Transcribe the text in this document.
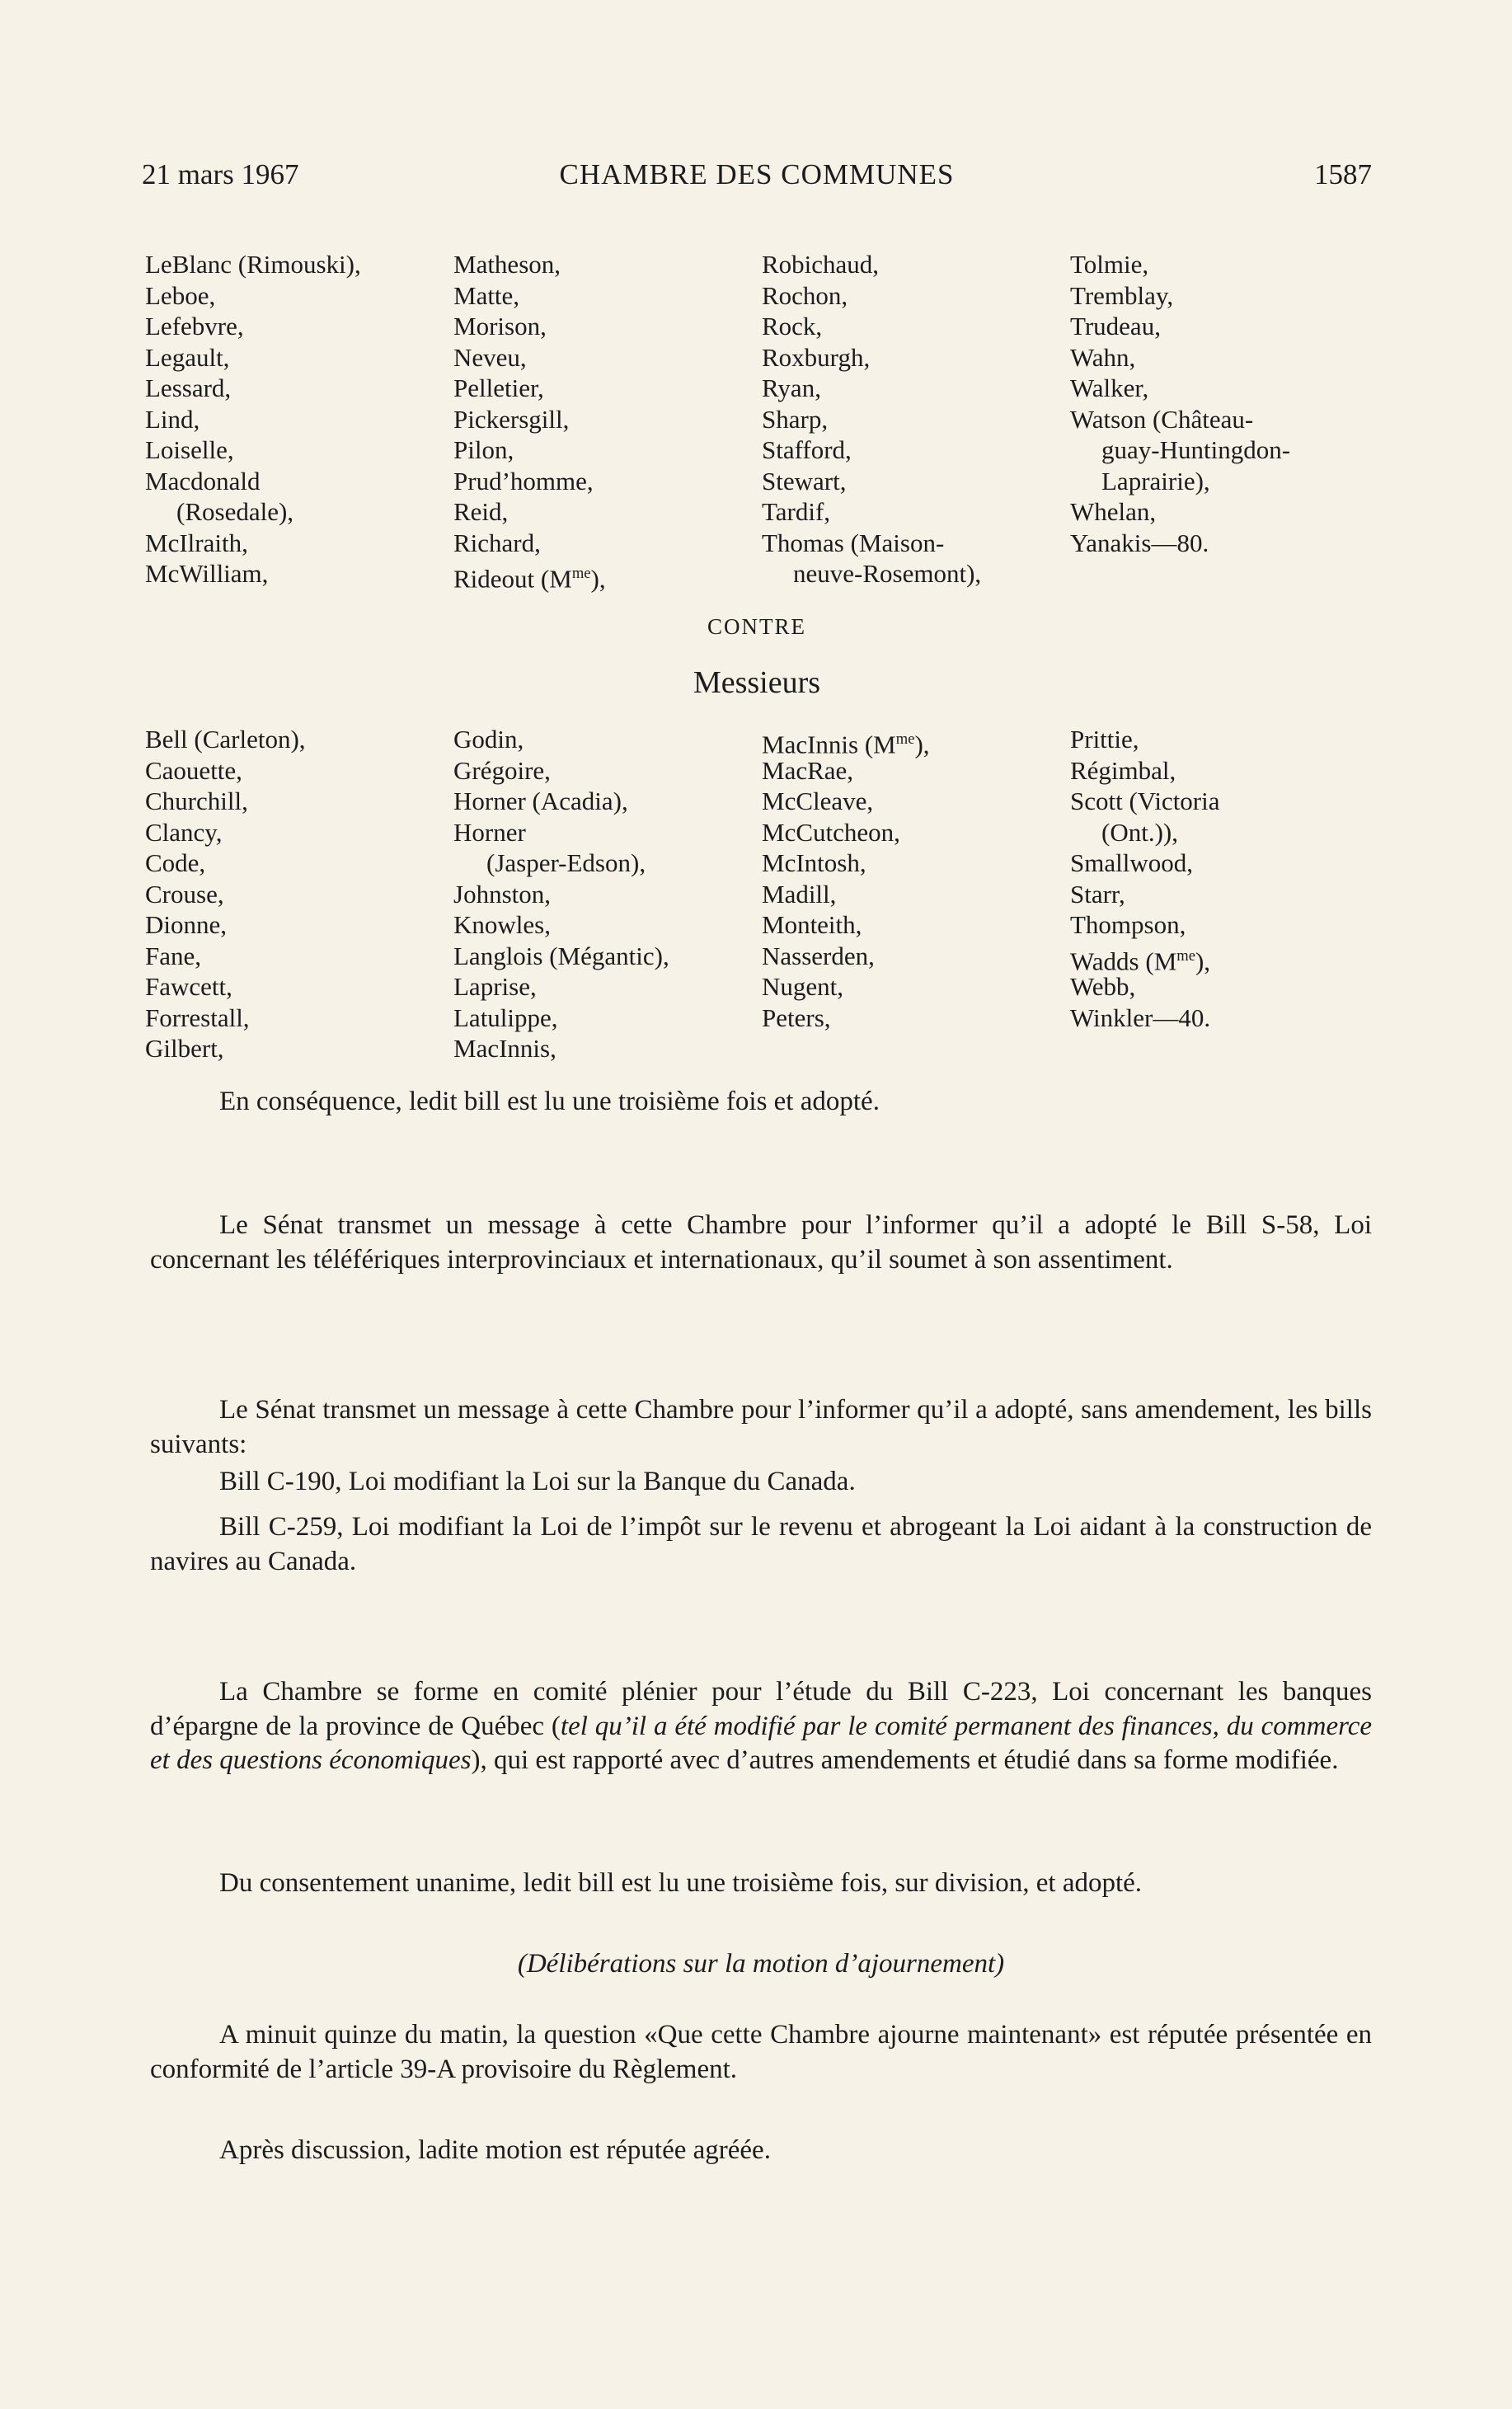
21 mars 1967	CHAMBRE DES COMMUNES	1587
LeBlanc (Rimouski),
Leboe,
Lefebvre,
Legault,
Lessard,
Lind,
Loiselle,
Macdonald
(Rosedale),
McIlraith,
McWilliam,
Matheson,
Matte,
Morison,
Neveu,
Pelletier,
Pickersgill,
Pilon,
Prud’homme,
Reid,
Richard,
Rideout $(M^{me})$,
Robichaud,
Rochon,
Rock,
Roxburgh,
Ryan,
Sharp,
Stafford,
Stewart,
Tardif,
Thomas (Maison-
neuve-Rosemont),
Tolmie,
Tremblay,
Trudeau,
Wahn,
Walker,
Watson (Château-
guay-Huntingdon-
Laprairie),
Whelan,
Yanakis—80.
CONTRE
Messieurs
Bell (Carleton),
Caouette,
Churchill,
Clancy,
Code,
Crouse,
Dionne,
Fane,
Fawcett,
Forrestall,
Gilbert,
Godin,
Grégoire,
Horner (Acadia),
Horner
(Jasper-Edson),
Johnston,
Knowles,
Langlois (Mégantic),
Laprise,
Latulippe,
MacInnis,
MacInnis $(M^{me})$,
MacRae,
McCleave,
McCutcheon,
McIntosh,
Madill,
Monteith,
Nasserden,
Nugent,
Peters,
Prittie,
Régimbal,
Scott (Victoria
(Ont.)),
Smallwood,
Starr,
Thompson,
Wadds $(M^{me})$,
Webb,
Winkler—40.
En conséquence, ledit bill est lu une troisième fois et adopté.
Le Sénat transmet un message à cette Chambre pour l’informer qu’il a adopté le Bill S-58, Loi concernant les téléfériques interprovinciaux et internationaux, qu’il soumet à son assentiment.
Le Sénat transmet un message à cette Chambre pour l’informer qu’il a adopté, sans amendement, les bills suivants:
Bill C-190, Loi modifiant la Loi sur la Banque du Canada.
Bill C-259, Loi modifiant la Loi de l’impôt sur le revenu et abrogeant la Loi aidant à la construction de navires au Canada.
La Chambre se forme en comité plénier pour l’étude du Bill C-223, Loi concernant les banques d’épargne de la province de Québec (tel qu’il a été modifié par le comité permanent des finances, du commerce et des questions économiques), qui est rapporté avec d’autres amendements et étudié dans sa forme modifiée.
Du consentement unanime, ledit bill est lu une troisième fois, sur division, et adopté.
(Délibérations sur la motion d’ajournement)
A minuit quinze du matin, la question «Que cette Chambre ajourne maintenant» est réputée présentée en conformité de l’article 39-A provisoire du Règlement.
Après discussion, ladite motion est réputée agréée.
